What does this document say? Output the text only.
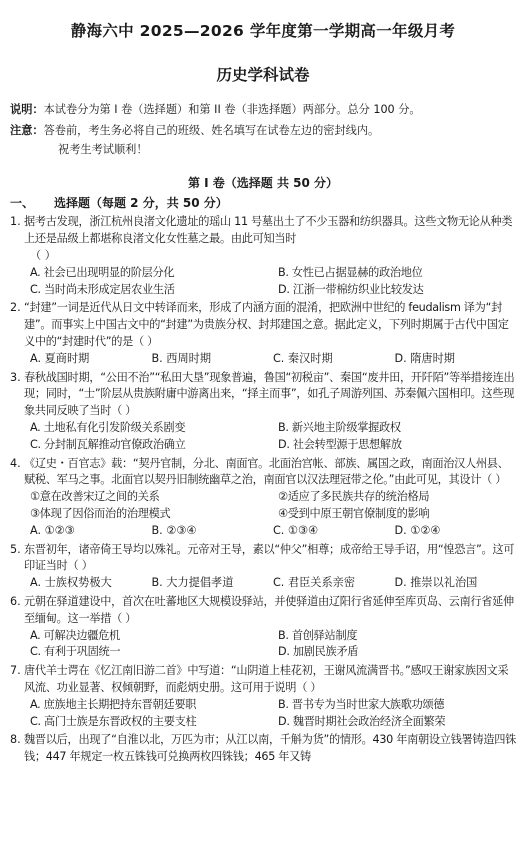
静海六中 2025—2026 学年度第一学期高一年级月考
历史学科试卷
说明： 本试卷分为第 I 卷（选择题）和第 II 卷（非选择题）两部分。总分 100 分。
注意： 答卷前，考生务必将自己的班级、姓名填写在试卷左边的密封线内。
祝考生考试顺利！
第 I 卷（选择题 共 50 分）
一、	选择题（每题 2 分，共 50 分）
1. 据考古发现，浙江杭州良渚文化遗址的瑶山 11 号墓出土了不少玉器和纺织器具。这些文物无论从种类上还是品级上都堪称良渚文化女性墓之最。由此可知当时
（ ）
A. 社会已出现明显的阶层分化	B. 女性已占据显赫的政治地位
C. 当时尚未形成定居农业生活	D. 江浙一带棉纺织业比较发达
2. “封建”一词是近代从日文中转译而来，形成了内涵方面的混淆，把欧洲中世纪的 feudalism 译为“封建”。而事实上中国古文中的“封建”为贵族分权、封邦建国之意。据此定义，下列时期属于古代中国定义中的“封建时代”的是（ ）
A. 夏商时期	B. 西周时期	C. 秦汉时期	D. 隋唐时期
3. 春秋战国时期，“公田不治”“私田大垦”现象普遍，鲁国“初税亩”、秦国“废井田，开阡陌”等举措接连出现；同时，“士”阶层从贵族附庸中游离出来，“择主而事”，如孔子周游列国、苏秦佩六国相印。这些现象共同反映了当时（ ）
A. 土地私有化引发阶级关系剧变	B. 新兴地主阶级掌握政权
C. 分封制瓦解推动官僚政治确立	D. 社会转型源于思想解放
4. 《辽史・百官志》载：“契丹官制，分北、南面官。北面治宫帐、部族、属国之政，南面治汉人州县、赋税、军马之事。北面官以契丹旧制统幽草之治，南面官以汉法理冠带之伦。”由此可见，其设计（ ）
①意在改善宋辽之间的关系	②适应了多民族共存的统治格局
③体现了因俗而治的治理模式	④受到中原王朝官僚制度的影响
A. ①②③	B. ②③④	C. ①③④	D. ①②④
5. 东晋初年，诸帝倚王导均以殊礼。元帝对王导，素以“仲父”相尊；成帝给王导手诏，用“惶恐言”。这可印证当时（ ）
A. 士族权势极大	B. 大力提倡孝道	C. 君臣关系亲密	D. 推崇以礼治国
6. 元朝在驿道建设中，首次在吐蕃地区大规模设驿站，并使驿道由辽阳行省延伸至库页岛、云南行省延伸至缅甸。这一举措（ ）
A. 可解决边疆危机	B. 首创驿站制度
C. 有利于巩固统一	D. 加剧民族矛盾
7. 唐代羊士谔在《忆江南旧游二首》中写道：“山阴道上桂花初，王谢风流满晋书。”感叹王谢家族因文采风流、功业显著、权倾朝野，而彪炳史册。这可用于说明（ ）
A. 庶族地主长期把持东晋朝廷要职	B. 晋书专为当时世家大族歌功颂德
C. 高门士族是东晋政权的主要支柱	D. 魏晋时期社会政治经济全面繁荣
8. 魏晋以后，出现了“自淮以北，万匹为市；从江以南，千斛为货”的情形。430 年南朝设立钱署铸造四铢钱；447 年规定一枚五铢钱可兑换两枚四铢钱；465 年又铸
